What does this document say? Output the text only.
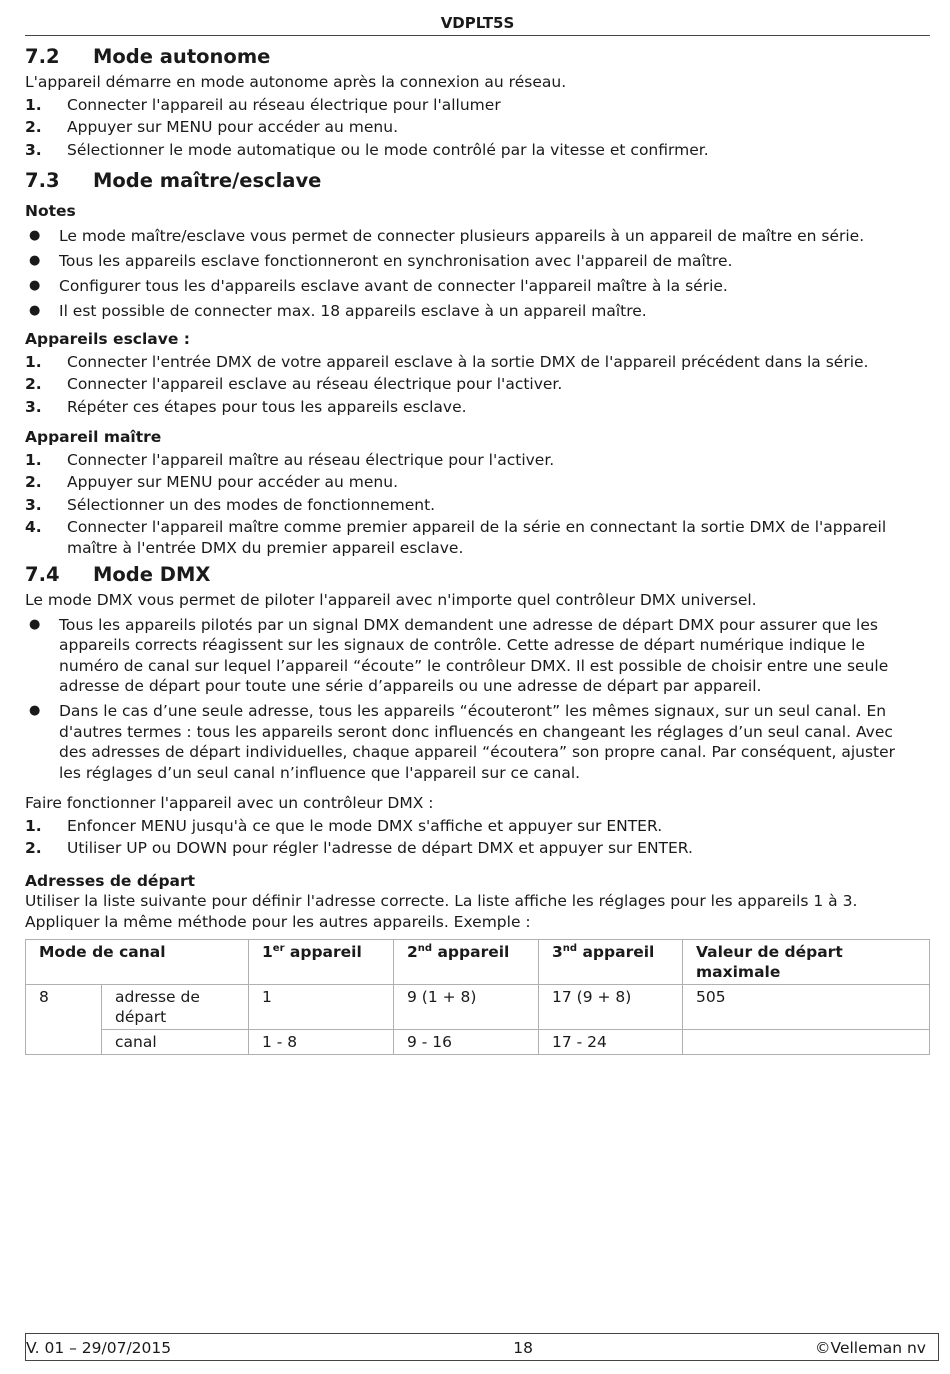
VDPLT5S
7.2	Mode autonome

L'appareil démarre en mode autonome après la connexion au réseau.

1. Connecter l'appareil au réseau électrique pour l'allumer
2. Appuyer sur MENU pour accéder au menu.
3. Sélectionner le mode automatique ou le mode contrôlé par la vitesse et confirmer.
7.3	Mode maître/esclave

Notes

● Le mode maître/esclave vous permet de connecter plusieurs appareils à un appareil de maître en série.
● Tous les appareils esclave fonctionneront en synchronisation avec l'appareil de maître.
● Configurer tous les d'appareils esclave avant de connecter l'appareil maître à la série.
● Il est possible de connecter max. 18 appareils esclave à un appareil maître.

Appareils esclave :

1. Connecter l'entrée DMX de votre appareil esclave à la sortie DMX de l'appareil précédent dans la série.
2. Connecter l'appareil esclave au réseau électrique pour l'activer.
3. Répéter ces étapes pour tous les appareils esclave.

Appareil maître

1. Connecter l'appareil maître au réseau électrique pour l'activer.
2. Appuyer sur MENU pour accéder au menu.
3. Sélectionner un des modes de fonctionnement.
4. Connecter l'appareil maître comme premier appareil de la série en connectant la sortie DMX de l'appareil maître à l'entrée DMX du premier appareil esclave.
7.4	Mode DMX

Le mode DMX vous permet de piloter l'appareil avec n'importe quel contrôleur DMX universel.

● Tous les appareils pilotés par un signal DMX demandent une adresse de départ DMX pour assurer que les appareils corrects réagissent sur les signaux de contrôle. Cette adresse de départ numérique indique le numéro de canal sur lequel l’appareil “écoute” le contrôleur DMX. Il est possible de choisir entre une seule adresse de départ pour toute une série d’appareils ou une adresse de départ par appareil.
● Dans le cas d’une seule adresse, tous les appareils “écouteront” les mêmes signaux, sur un seul canal. En d'autres termes : tous les appareils seront donc influencés en changeant les réglages d’un seul canal. Avec des adresses de départ individuelles, chaque appareil “écoutera” son propre canal. Par conséquent, ajuster les réglages d’un seul canal n’influence que l'appareil sur ce canal.

Faire fonctionner l'appareil avec un contrôleur DMX :

1. Enfoncer MENU jusqu'à ce que le mode DMX s'affiche et appuyer sur ENTER.
2. Utiliser UP ou DOWN pour régler l'adresse de départ DMX et appuyer sur ENTER.

Adresses de départ

Utiliser la liste suivante pour définir l'adresse correcte. La liste affiche les réglages pour les appareils 1 à 3. Appliquer la même méthode pour les autres appareils. Exemple :

Mode de canal		1er appareil	2nd appareil	3nd appareil	Valeur de départ maximale
8	adresse de départ	1	9 (1 + 8)	17 (9 + 8)	505
	canal	1 - 8	9 - 16	17 - 24	
V. 01 – 29/07/2015	18	©Velleman nv
